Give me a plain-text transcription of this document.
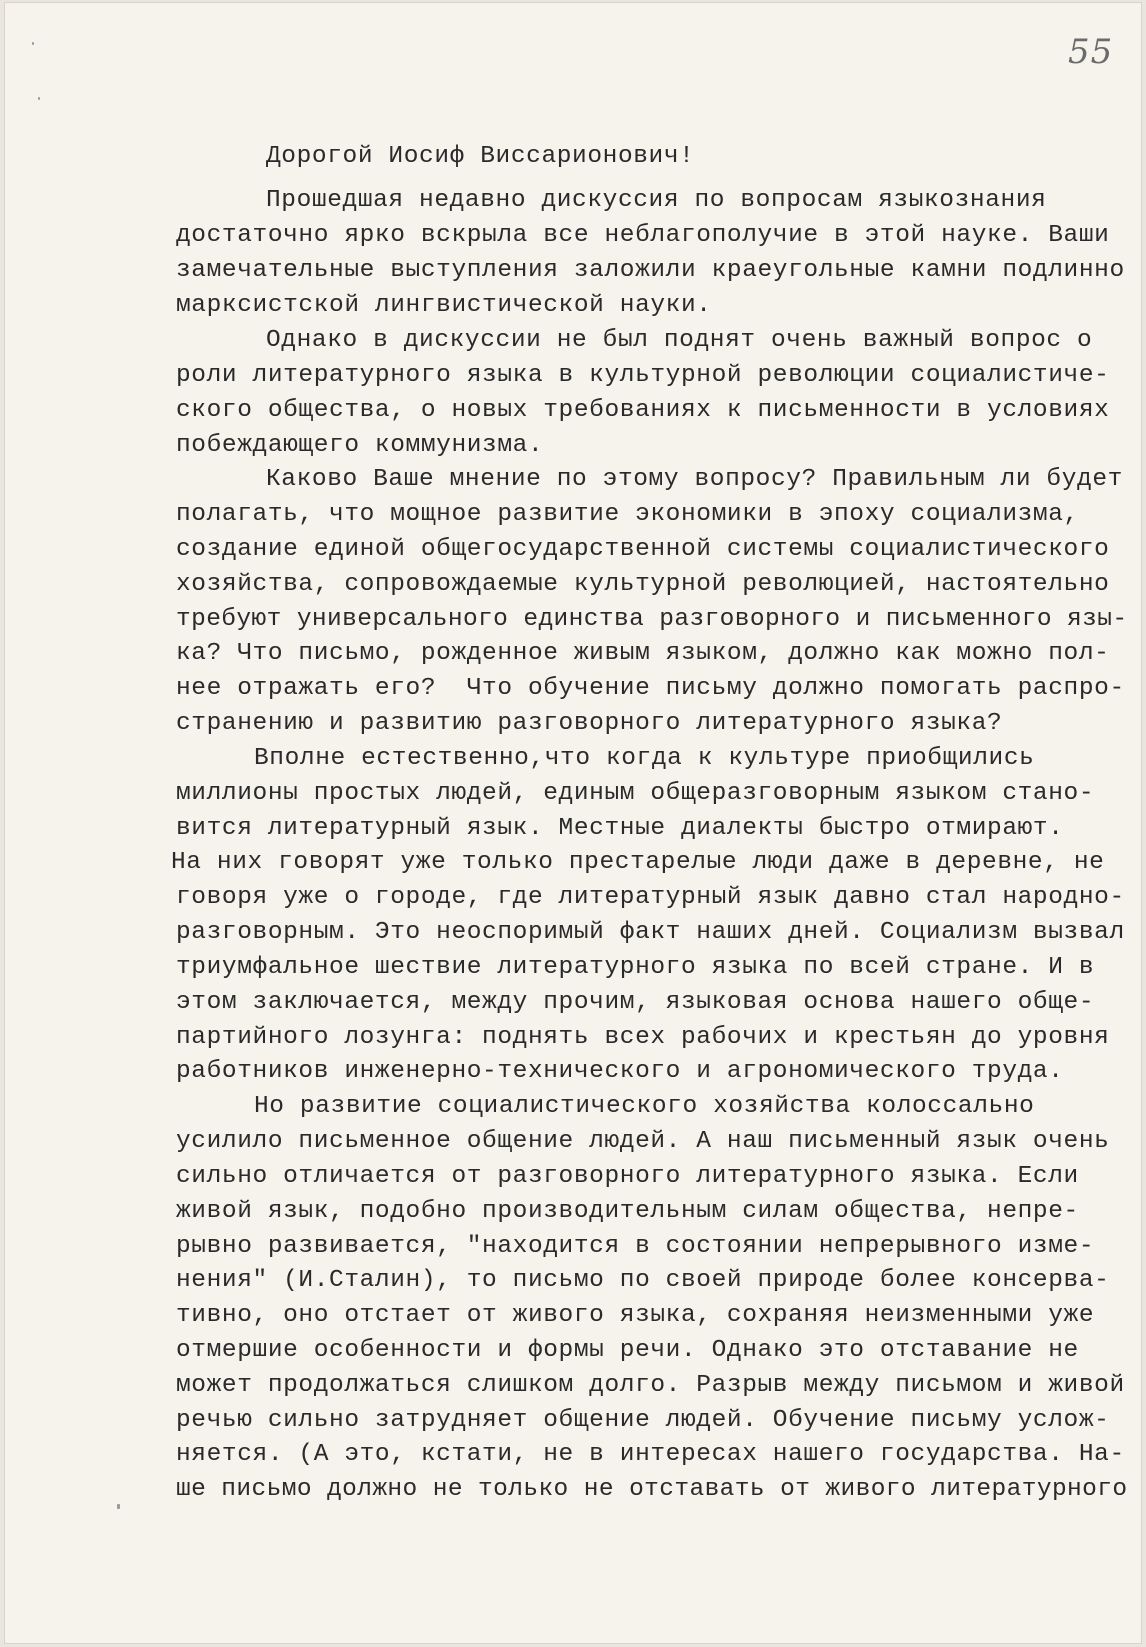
55
Дорогой Иосиф Виссарионович!
Прошедшая недавно дискуссия по вопросам языкознания
достаточно ярко вскрыла все неблагополучие в этой науке. Ваши
замечательные выступления заложили краеугольные камни подлинно
марксистской лингвистической науки.
Однако в дискуссии не был поднят очень важный вопрос о
роли литературного языка в культурной революции социалистиче-
ского общества, о новых требованиях к письменности в условиях
побеждающего коммунизма.
Каково Ваше мнение по этому вопросу? Правильным ли будет
полагать, что мощное развитие экономики в эпоху социализма,
создание единой общегосударственной системы социалистического
хозяйства, сопровождаемые культурной революцией, настоятельно
требуют универсального единства разговорного и письменного язы-
ка? Что письмо, рожденное живым языком, должно как можно пол-
нее отражать его?  Что обучение письму должно помогать распро-
странению и развитию разговорного литературного языка?
Вполне естественно,что когда к культуре приобщились
миллионы простых людей, единым общеразговорным языком стано-
вится литературный язык. Местные диалекты быстро отмирают.
На них говорят уже только престарелые люди даже в деревне, не
говоря уже о городе, где литературный язык давно стал народно-
разговорным. Это неоспоримый факт наших дней. Социализм вызвал
триумфальное шествие литературного языка по всей стране. И в
этом заключается, между прочим, языковая основа нашего обще-
партийного лозунга: поднять всех рабочих и крестьян до уровня
работников инженерно-технического и агрономического труда.
Но развитие социалистического хозяйства колоссально
усилило письменное общение людей. А наш письменный язык очень
сильно отличается от разговорного литературного языка. Если
живой язык, подобно производительным силам общества, непре-
рывно развивается, "находится в состоянии непрерывного изме-
нения" (И.Сталин), то письмо по своей природе более консерва-
тивно, оно отстает от живого языка, сохраняя неизменными уже
отмершие особенности и формы речи. Однако это отставание не
может продолжаться слишком долго. Разрыв между письмом и живой
речью сильно затрудняет общение людей. Обучение письму услож-
няется. (А это, кстати, не в интересах нашего государства. На-
ше письмо должно не только не отставать от живого литературного
